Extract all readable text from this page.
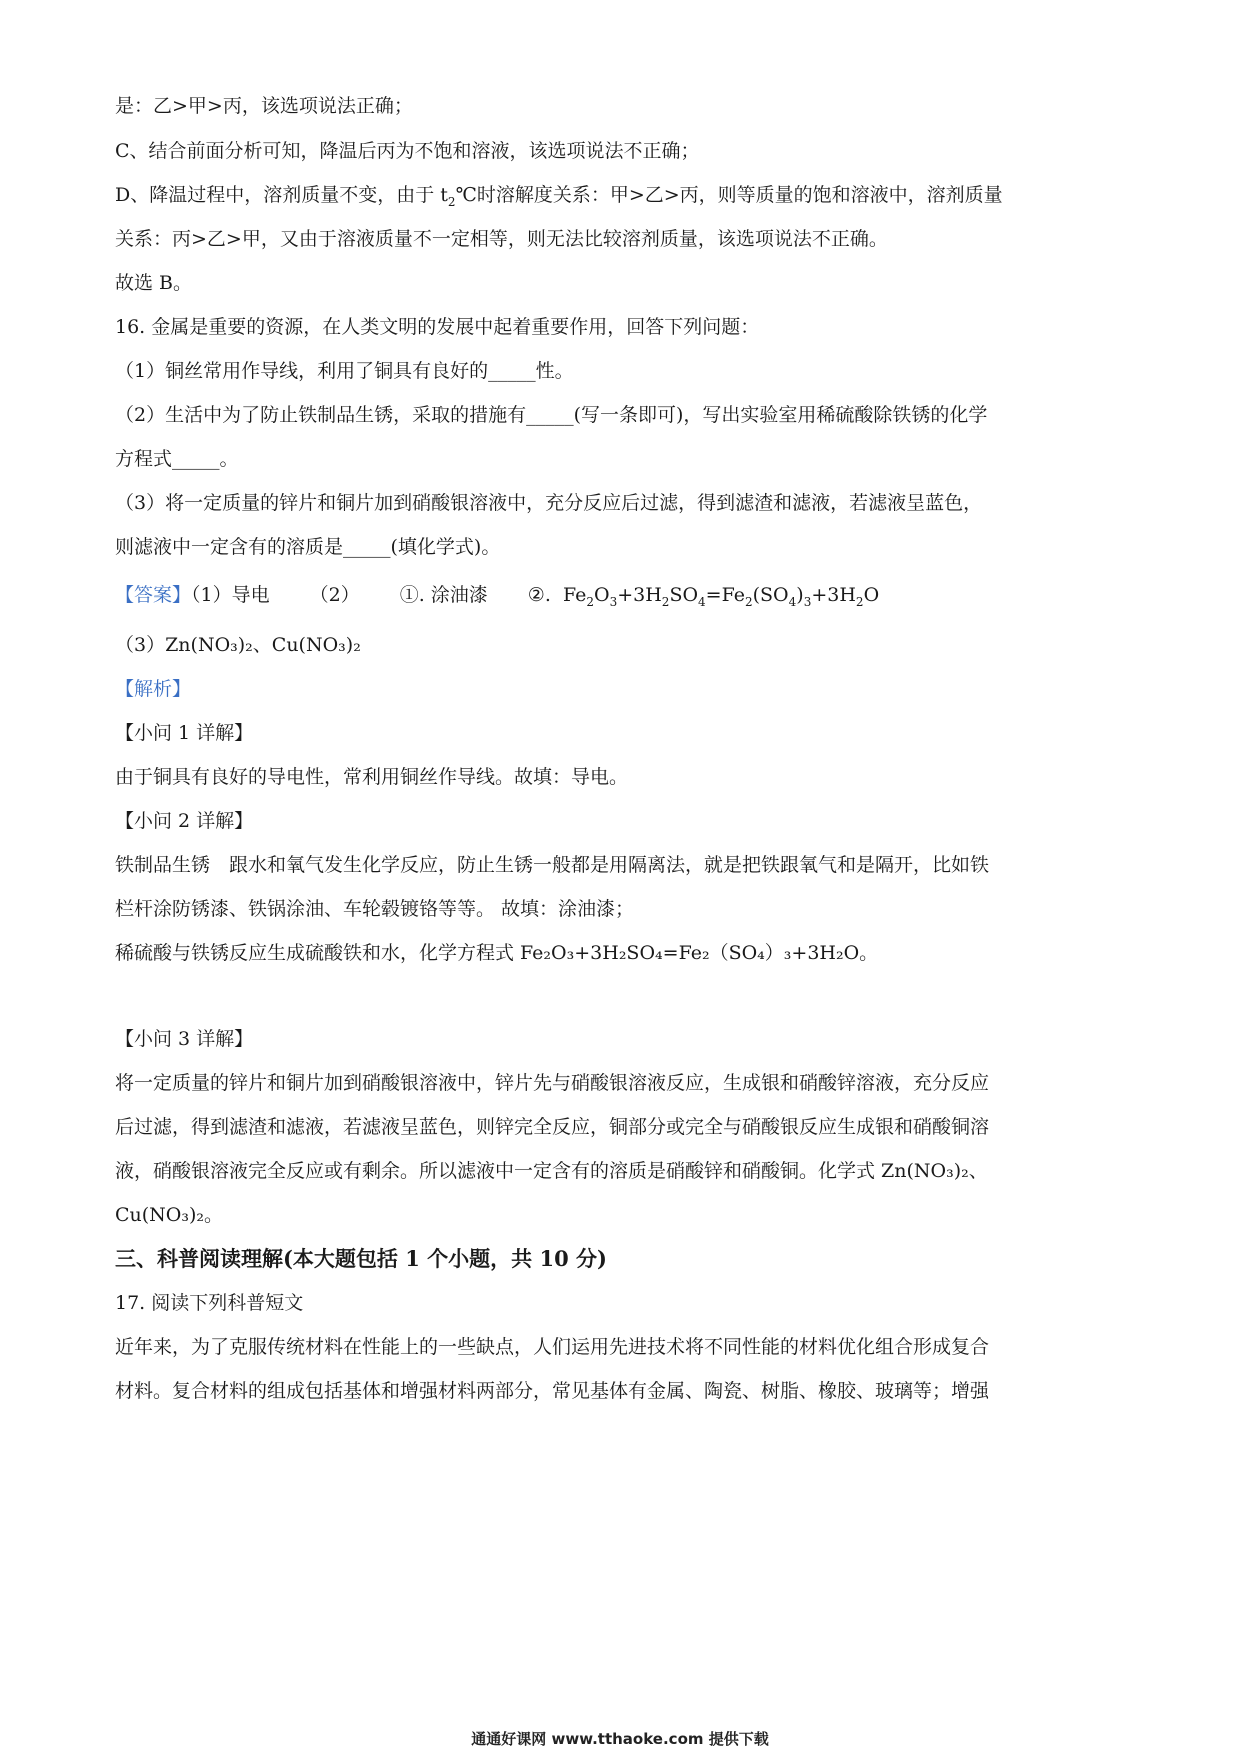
是：乙>甲>丙，该选项说法正确；
C、结合前面分析可知，降温后丙为不饱和溶液，该选项说法不正确；
D、降温过程中，溶剂质量不变，由于 $t_2℃$时溶解度关系：甲>乙>丙，则等质量的饱和溶液中，溶剂质量
关系：丙>乙>甲，又由于溶液质量不一定相等，则无法比较溶剂质量，该选项说法不正确。
故选 B。
16. 金属是重要的资源，在人类文明的发展中起着重要作用，回答下列问题：
（1）铜丝常用作导线，利用了铜具有良好的_____性。
（2）生活中为了防止铁制品生锈，采取的措施有_____(写一条即可)，写出实验室用稀硫酸除铁锈的化学
方程式_____。
（3）将一定质量的锌片和铜片加到硝酸银溶液中，充分反应后过滤，得到滤渣和滤液，若滤液呈蓝色，
则滤液中一定含有的溶质是_____(填化学式)。
【答案】（1）导电 （2） ①. 涂油漆 ②. $Fe_2O_3+3H_2SO_4=Fe_2(SO_4)_3+3H_2O$
（3）Zn(NO₃)₂、Cu(NO₃)₂
【解析】
【小问 1 详解】
由于铜具有良好的导电性，常利用铜丝作导线。故填：导电。
【小问 2 详解】
铁制品生锈　跟水和氧气发生化学反应，防止生锈一般都是用隔离法，就是把铁跟氧气和是隔开，比如铁
栏杆涂防锈漆、铁锅涂油、车轮毂镀铬等等。 故填：涂油漆；
稀硫酸与铁锈反应生成硫酸铁和水，化学方程式 Fe₂O₃+3H₂SO₄=Fe₂（SO₄）₃+3H₂O。
【小问 3 详解】
将一定质量的锌片和铜片加到硝酸银溶液中，锌片先与硝酸银溶液反应，生成银和硝酸锌溶液，充分反应
后过滤，得到滤渣和滤液，若滤液呈蓝色，则锌完全反应，铜部分或完全与硝酸银反应生成银和硝酸铜溶
液，硝酸银溶液完全反应或有剩余。所以滤液中一定含有的溶质是硝酸锌和硝酸铜。化学式 Zn(NO₃)₂、
Cu(NO₃)₂。
三、科普阅读理解(本大题包括 1 个小题，共 10 分)
17. 阅读下列科普短文
近年来，为了克服传统材料在性能上的一些缺点，人们运用先进技术将不同性能的材料优化组合形成复合
材料。复合材料的组成包括基体和增强材料两部分，常见基体有金属、陶瓷、树脂、橡胶、玻璃等；增强
通通好课网 www.tthaoke.com 提供下载
